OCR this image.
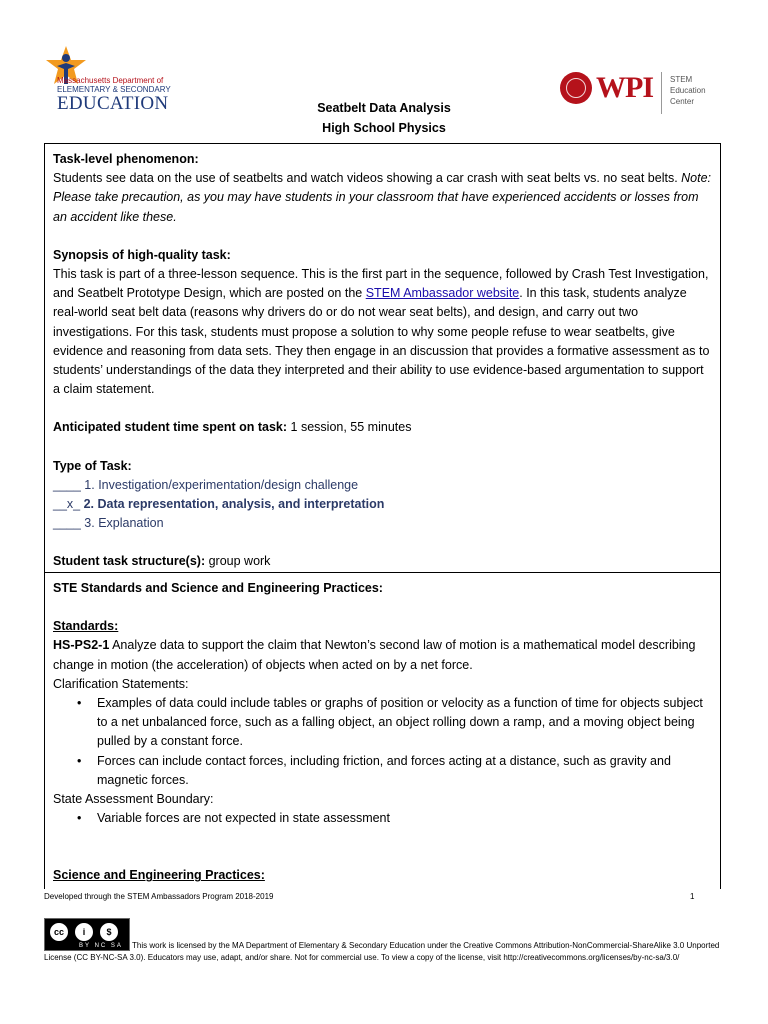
Massachusetts Department of
ELEMENTARY & SECONDARY
EDUCATION	WPI STEM
Education
Center
Seatbelt Data Analysis
High School Physics

Task-level phenomenon:

Students see data on the use of seatbelts and watch videos showing a car crash with seat belts vs. no seat belts. Note: Please take precaution, as you may have students in your classroom that have experienced accidents or losses from an accident like these.

Synopsis of high-quality task:

This task is part of a three-lesson sequence. This is the first part in the sequence, followed by Crash Test Investigation, and Seatbelt Prototype Design, which are posted on the STEM Ambassador website. In this task, students analyze real-world seat belt data (reasons why drivers do or do not wear seat belts), and design, and carry out two investigations. For this task, students must propose a solution to why some people refuse to wear seatbelts, give evidence and reasoning from data sets. They then engage in an discussion that provides a formative assessment as to students’ understandings of the data they interpreted and their ability to use evidence-based argumentation to support a claim statement.

Anticipated student time spent on task: 1 session, 55 minutes

Type of Task:

____ 1. Investigation/experimentation/design challenge

__x_ 2. Data representation, analysis, and interpretation

____ 3. Explanation

Student task structure(s): group work

STE Standards and Science and Engineering Practices:

Standards:

HS-PS2-1 Analyze data to support the claim that Newton’s second law of motion is a mathematical model describing change in motion (the acceleration) of objects when acted on by a net force.

Clarification Statements:

• Examples of data could include tables or graphs of position or velocity as a function of time for objects subject to a net unbalanced force, such as a falling object, an object rolling down a ramp, and a moving object being pulled by a constant force.
• Forces can include contact forces, including friction, and forces acting at a distance, such as gravity and magnetic forces.

State Assessment Boundary:

• Variable forces are not expected in state assessment

Science and Engineering Practices:

Developed through the STEM Ambassadors Program 2018-2019	1
cc	i	$
BY NC SA	This work is licensed by the MA Department of Elementary & Secondary Education under the Creative Commons Attribution-NonCommercial-ShareAlike 3.0 Unported License (CC BY-NC-SA 3.0). Educators may use, adapt, and/or share. Not for commercial use. To view a copy of the license, visit http://creativecommons.org/licenses/by-nc-sa/3.0/
